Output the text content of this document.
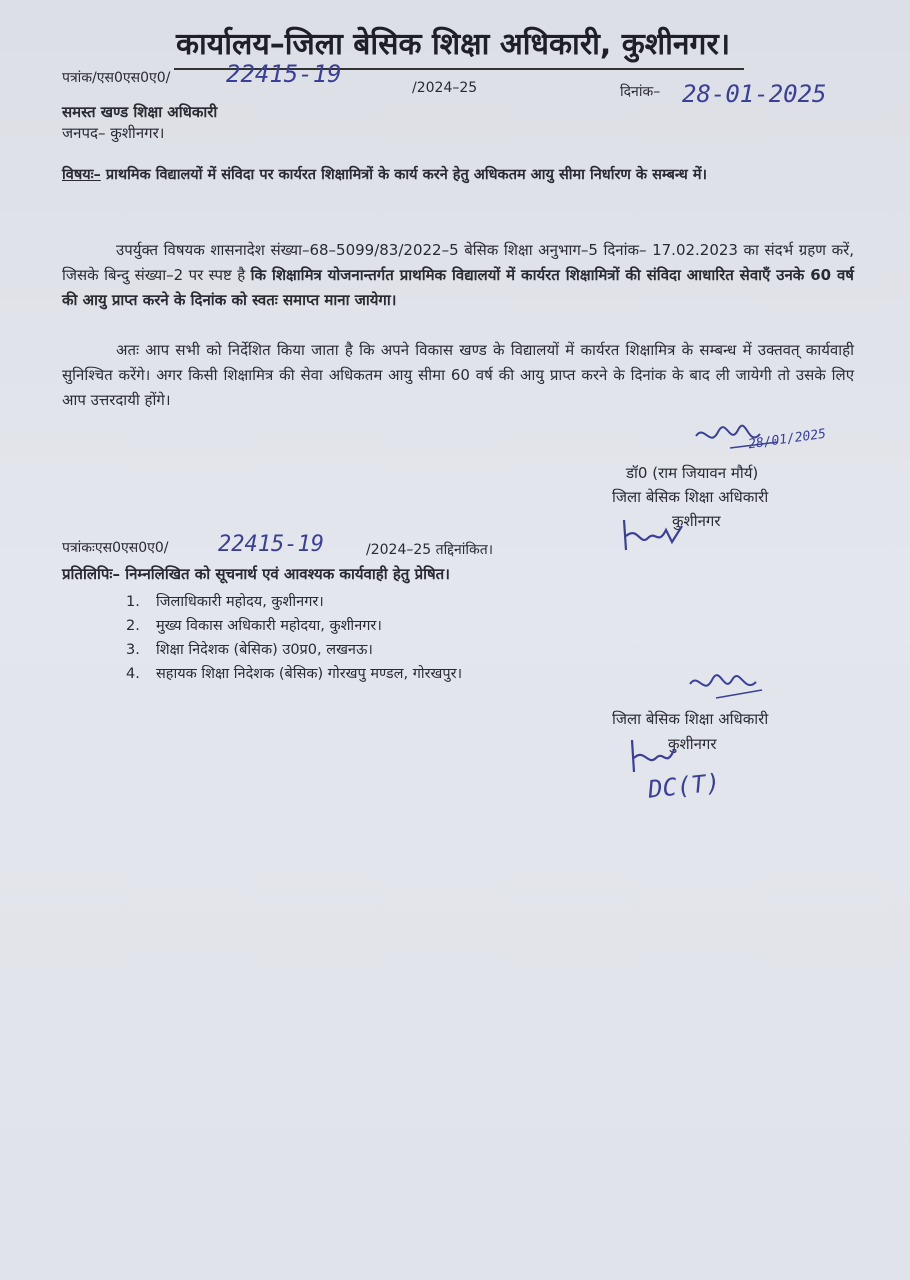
कार्यालय–जिला बेसिक शिक्षा अधिकारी, कुशीनगर।
पत्रांक/एस0एस0ए0/ 22415-19	/2024–25	दिनांक– 28-01-2025
समस्त खण्ड शिक्षा अधिकारी
जनपद– कुशीनगर।
विषयः– प्राथमिक विद्यालयों में संविदा पर कार्यरत शिक्षामित्रों के कार्य करने हेतु अधिकतम आयु सीमा निर्धारण के सम्बन्ध में।
उपर्युक्त विषयक शासनादेश संख्या–68–5099/83/2022–5 बेसिक शिक्षा अनुभाग–5 दिनांक– 17.02.2023 का संदर्भ ग्रहण करें, जिसके बिन्दु संख्या–2 पर स्पष्ट है कि शिक्षामित्र योजनान्तर्गत प्राथमिक विद्यालयों में कार्यरत शिक्षामित्रों की संविदा आधारित सेवाएँ उनके 60 वर्ष की आयु प्राप्त करने के दिनांक को स्वतः समाप्त माना जायेगा।
अतः आप सभी को निर्देशित किया जाता है कि अपने विकास खण्ड के विद्यालयों में कार्यरत शिक्षामित्र के सम्बन्ध में उक्तवत् कार्यवाही सुनिश्चित करेंगे। अगर किसी शिक्षामित्र की सेवा अधिकतम आयु सीमा 60 वर्ष की आयु प्राप्त करने के दिनांक के बाद ली जायेगी तो उसके लिए आप उत्तरदायी होंगे।
28/01/2025
डॉ0 (राम जियावन मौर्य)
जिला बेसिक शिक्षा अधिकारी
कुशीनगर
पत्रांकःएस0एस0ए0/ 22415-19	/2024–25 तद्दिनांकित।
प्रतिलिपिः– निम्नलिखित को सूचनार्थ एवं आवश्यक कार्यवाही हेतु प्रेषित।
1. जिलाधिकारी महोदय, कुशीनगर।
2. मुख्य विकास अधिकारी महोदया, कुशीनगर।
3. शिक्षा निदेशक (बेसिक) उ0प्र0, लखनऊ।
4. सहायक शिक्षा निदेशक (बेसिक) गोरखपु मण्डल, गोरखपुर।
जिला बेसिक शिक्षा अधिकारी
कुशीनगर
DC(T)
